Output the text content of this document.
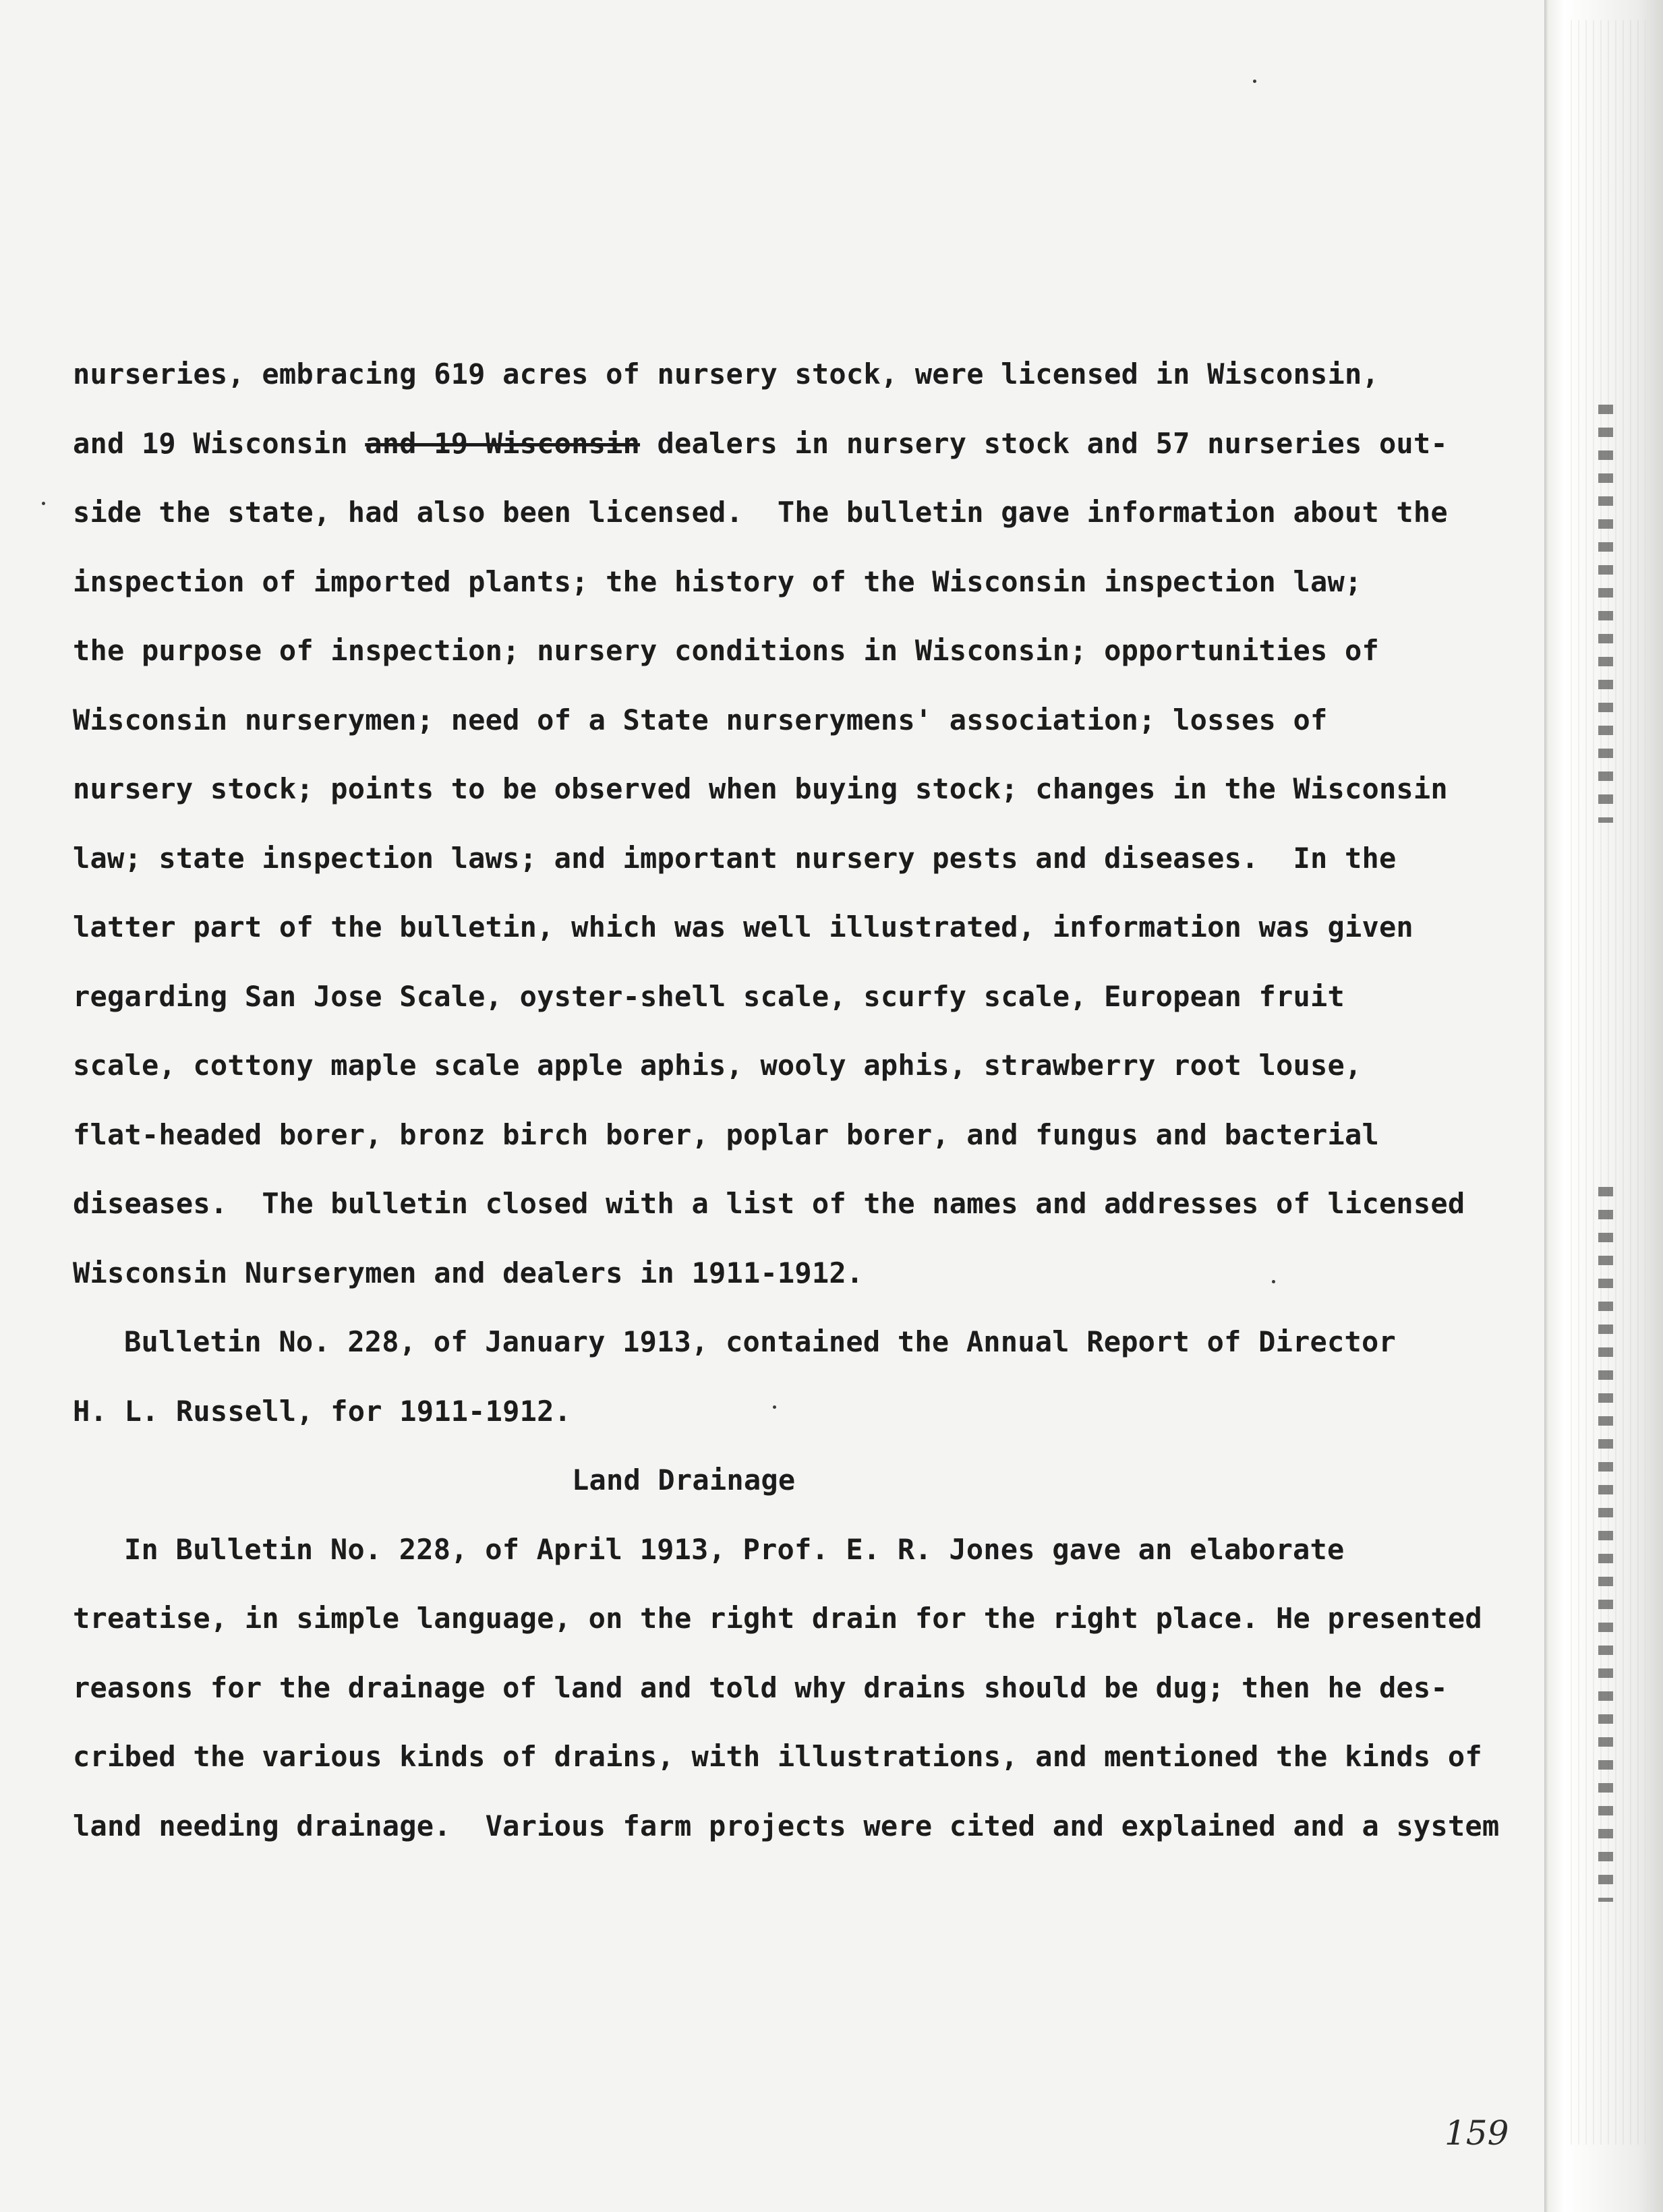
nurseries, embracing 619 acres of nursery stock, were licensed in Wisconsin,
and 19 Wisconsin and 19 Wisconsin dealers in nursery stock and 57 nurseries out-
side the state, had also been licensed.  The bulletin gave information about the
inspection of imported plants; the history of the Wisconsin inspection law;
the purpose of inspection; nursery conditions in Wisconsin; opportunities of
Wisconsin nurserymen; need of a State nurserymens' association; losses of
nursery stock; points to be observed when buying stock; changes in the Wisconsin
law; state inspection laws; and important nursery pests and diseases.  In the
latter part of the bulletin, which was well illustrated, information was given
regarding San Jose Scale, oyster-shell scale, scurfy scale, European fruit
scale, cottony maple scale apple aphis, wooly aphis, strawberry root louse,
flat-headed borer, bronz birch borer, poplar borer, and fungus and bacterial
diseases.  The bulletin closed with a list of the names and addresses of licensed
Wisconsin Nurserymen and dealers in 1911-1912.
Bulletin No. 228, of January 1913, contained the Annual Report of Director
H. L. Russell, for 1911-1912.
Land Drainage
In Bulletin No. 228, of April 1913, Prof. E. R. Jones gave an elaborate
treatise, in simple language, on the right drain for the right place. He presented
reasons for the drainage of land and told why drains should be dug; then he des-
cribed the various kinds of drains, with illustrations, and mentioned the kinds of
land needing drainage.  Various farm projects were cited and explained and a system
159
